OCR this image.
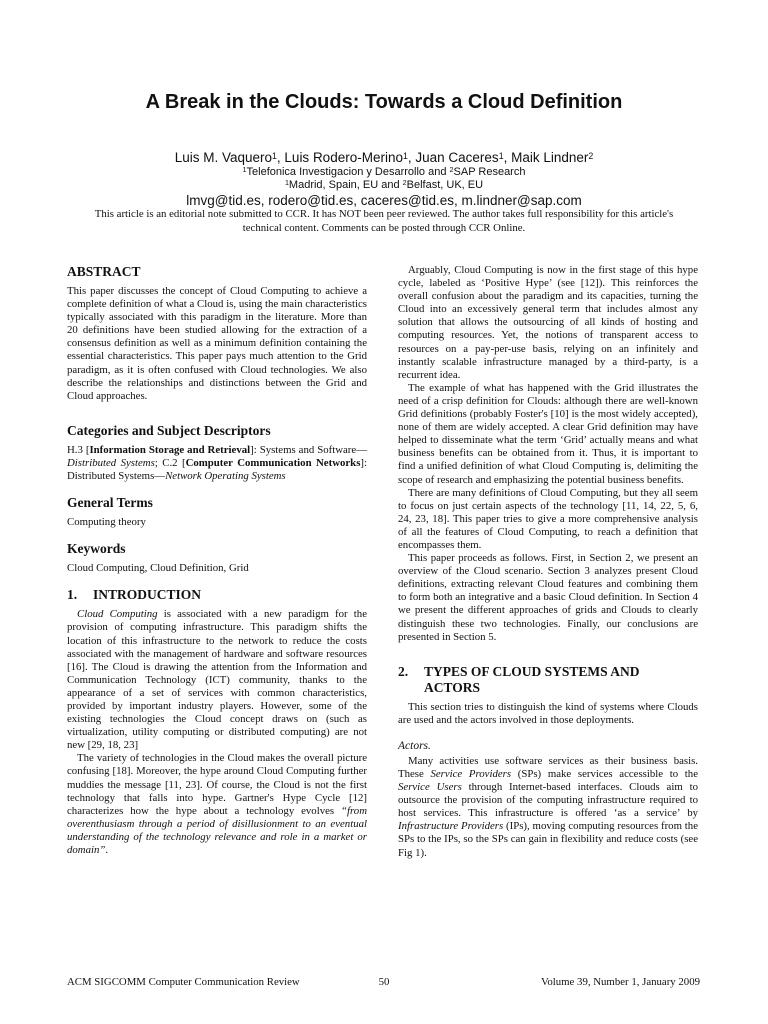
A Break in the Clouds: Towards a Cloud Definition

Luis M. Vaquero$^1$, Luis Rodero-Merino$^1$, Juan Caceres$^1$, Maik Lindner$^2$

$^1$Telefonica Investigacion y Desarrollo and $^2$SAP Research

$^1$Madrid, Spain, EU and $^2$Belfast, UK, EU

lmvg@tid.es, rodero@tid.es, caceres@tid.es, m.lindner@sap.com

This article is an editorial note submitted to CCR. It has NOT been peer reviewed. The author takes full responsibility for this article's technical content. Comments can be posted through CCR Online.

ABSTRACT

This paper discusses the concept of Cloud Computing to achieve a complete definition of what a Cloud is, using the main characteristics typically associated with this paradigm in the literature. More than 20 definitions have been studied allowing for the extraction of a consensus definition as well as a minimum definition containing the essential characteristics. This paper pays much attention to the Grid paradigm, as it is often confused with Cloud technologies. We also describe the relationships and distinctions between the Grid and Cloud approaches.

Categories and Subject Descriptors

H.3 [Information Storage and Retrieval]: Systems and Software—Distributed Systems; C.2 [Computer Communication Networks]: Distributed Systems—Network Operating Systems

General Terms

Computing theory

Keywords

Cloud Computing, Cloud Definition, Grid

1.	INTRODUCTION

Cloud Computing is associated with a new paradigm for the provision of computing infrastructure. This paradigm shifts the location of this infrastructure to the network to reduce the costs associated with the management of hardware and software resources [16]. The Cloud is drawing the attention from the Information and Communication Technology (ICT) community, thanks to the appearance of a set of services with common characteristics, provided by important industry players. However, some of the existing technologies the Cloud concept draws on (such as virtualization, utility computing or distributed computing) are not new [29, 18, 23]

The variety of technologies in the Cloud makes the overall picture confusing [18]. Moreover, the hype around Cloud Computing further muddies the message [11, 23]. Of course, the Cloud is not the first technology that falls into hype. Gartner's Hype Cycle [12] characterizes how the hype about a technology evolves “from overenthusiasm through a period of disillusionment to an eventual understanding of the technology relevance and role in a market or domain”.

Arguably, Cloud Computing is now in the first stage of this hype cycle, labeled as ‘Positive Hype’ (see [12]). This reinforces the overall confusion about the paradigm and its capacities, turning the Cloud into an excessively general term that includes almost any solution that allows the outsourcing of all kinds of hosting and computing resources. Yet, the notions of transparent access to resources on a pay-per-use basis, relying on an infinitely and instantly scalable infrastructure managed by a third-party, is a recurrent idea.

The example of what has happened with the Grid illustrates the need of a crisp definition for Clouds: although there are well-known Grid definitions (probably Foster's [10] is the most widely accepted), none of them are widely accepted. A clear Grid definition may have helped to disseminate what the term ‘Grid’ actually means and what business benefits can be obtained from it. Thus, it is important to find a unified definition of what Cloud Computing is, delimiting the scope of research and emphasizing the potential business benefits.

There are many definitions of Cloud Computing, but they all seem to focus on just certain aspects of the technology [11, 14, 22, 5, 6, 24, 23, 18]. This paper tries to give a more comprehensive analysis of all the features of Cloud Computing, to reach a definition that encompasses them.

This paper proceeds as follows. First, in Section 2, we present an overview of the Cloud scenario. Section 3 analyzes present Cloud definitions, extracting relevant Cloud features and combining them to form both an integrative and a basic Cloud definition. In Section 4 we present the different approaches of grids and Clouds to clearly distinguish these two technologies. Finally, our conclusions are presented in Section 5.

2.	TYPES OF CLOUD SYSTEMS AND ACTORS

This section tries to distinguish the kind of systems where Clouds are used and the actors involved in those deployments.

Actors.

Many activities use software services as their business basis. These Service Providers (SPs) make services accessible to the Service Users through Internet-based interfaces. Clouds aim to outsource the provision of the computing infrastructure required to host services. This infrastructure is offered ‘as a service’ by Infrastructure Providers (IPs), moving computing resources from the SPs to the IPs, so the SPs can gain in flexibility and reduce costs (see Fig 1).

ACM SIGCOMM Computer Communication Review	50	Volume 39, Number 1, January 2009
